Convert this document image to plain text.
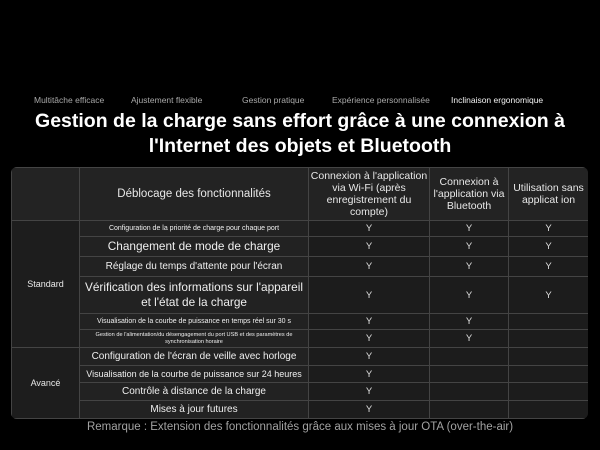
Multitâche efficace	Ajustement flexible	Gestion pratique	Expérience personnalisée Inclinaison ergonomique
Gestion de la charge sans effort grâce à une connexion à
l'Internet des objets et Bluetooth
	Déblocage des fonctionnalités	Connexion à l'application via Wi-Fi (après enregistrement du compte)	Connexion à l'application via Bluetooth	Utilisation sans applicat ion
Standard	Configuration de la priorité de charge pour chaque port	Y	Y	Y
	Changement de mode de charge	Y	Y	Y
	Réglage du temps d'attente pour l'écran	Y	Y	Y
	Vérification des informations sur l'appareil et l'état de la charge	Y	Y	Y
	Visualisation de la courbe de puissance en temps réel sur 30 s	Y	Y	
	Gestion de l'alimentation/du désengagement du port USB et des paramètres de synchronisation horaire	Y	Y	
Avancé	Configuration de l'écran de veille avec horloge	Y		
	Visualisation de la courbe de puissance sur 24 heures	Y		
	Contrôle à distance de la charge	Y		
	Mises à jour futures	Y		
Remarque : Extension des fonctionnalités grâce aux mises à jour OTA (over-the-air)
